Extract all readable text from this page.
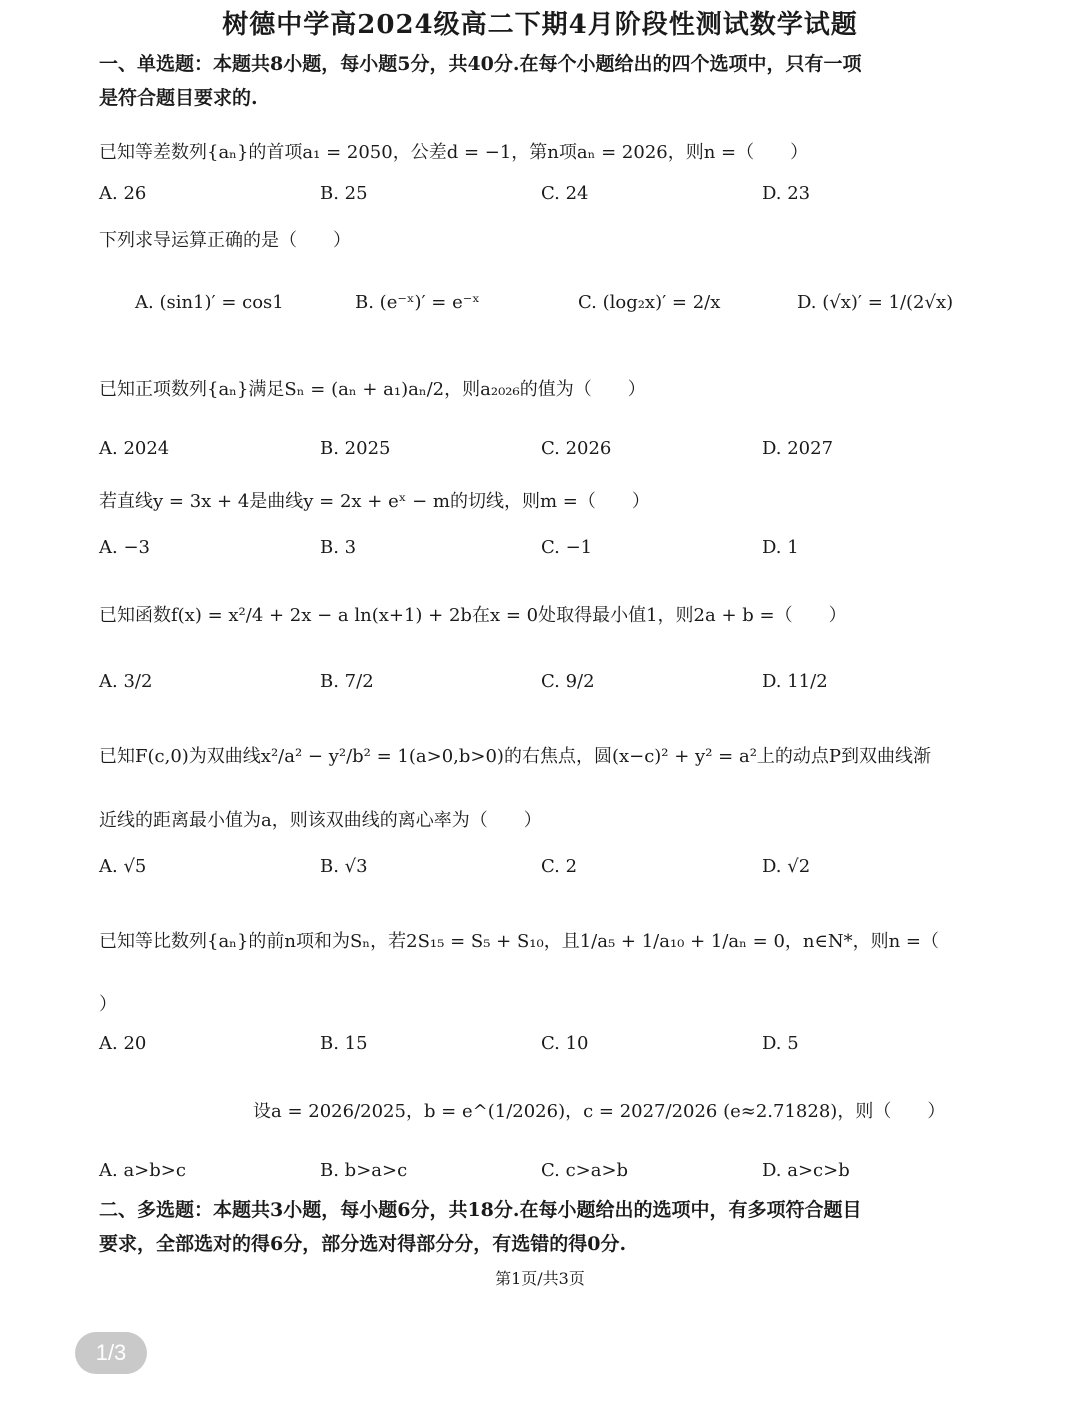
树德中学高2024级高二下期4月阶段性测试数学试题
一、单选题：本题共8小题，每小题5分，共40分.在每个小题给出的四个选项中，只有一项
是符合题目要求的.
已知等差数列{aₙ}的首项a₁ = 2050，公差d = −1，第n项aₙ = 2026，则n =（　　）
A. 26	B. 25	C. 24	D. 23
下列求导运算正确的是（　　）
A. (sin1)′ = cos1	B. (e⁻ˣ)′ = e⁻ˣ	C. (log₂x)′ = 2/x	D. (√x)′ = 1/(2√x)
已知正项数列{aₙ}满足Sₙ = (aₙ + a₁)aₙ/2，则a₂₀₂₆的值为（　　）
A. 2024	B. 2025	C. 2026	D. 2027
若直线y = 3x + 4是曲线y = 2x + eˣ − m的切线，则m =（　　）
A. −3	B. 3	C. −1	D. 1
已知函数f(x) = x²/4 + 2x − a ln(x+1) + 2b在x = 0处取得最小值1，则2a + b =（　　）
A. 3/2	B. 7/2	C. 9/2	D. 11/2
已知F(c,0)为双曲线x²/a² − y²/b² = 1(a>0,b>0)的右焦点，圆(x−c)² + y² = a²上的动点P到双曲线渐
近线的距离最小值为a，则该双曲线的离心率为（　　）
A. √5	B. √3	C. 2	D. √2
已知等比数列{aₙ}的前n项和为Sₙ，若2S₁₅ = S₅ + S₁₀，且1/a₅ + 1/a₁₀ + 1/aₙ = 0，n∈N*，则n =（
）
A. 20	B. 15	C. 10	D. 5
设a = 2026/2025，b = e^(1/2026)，c = 2027/2026 (e≈2.71828)，则（　　）
A. a>b>c	B. b>a>c	C. c>a>b	D. a>c>b
二、多选题：本题共3小题，每小题6分，共18分.在每小题给出的选项中，有多项符合题目
要求，全部选对的得6分，部分选对得部分分，有选错的得0分.
第1页/共3页
1/3
